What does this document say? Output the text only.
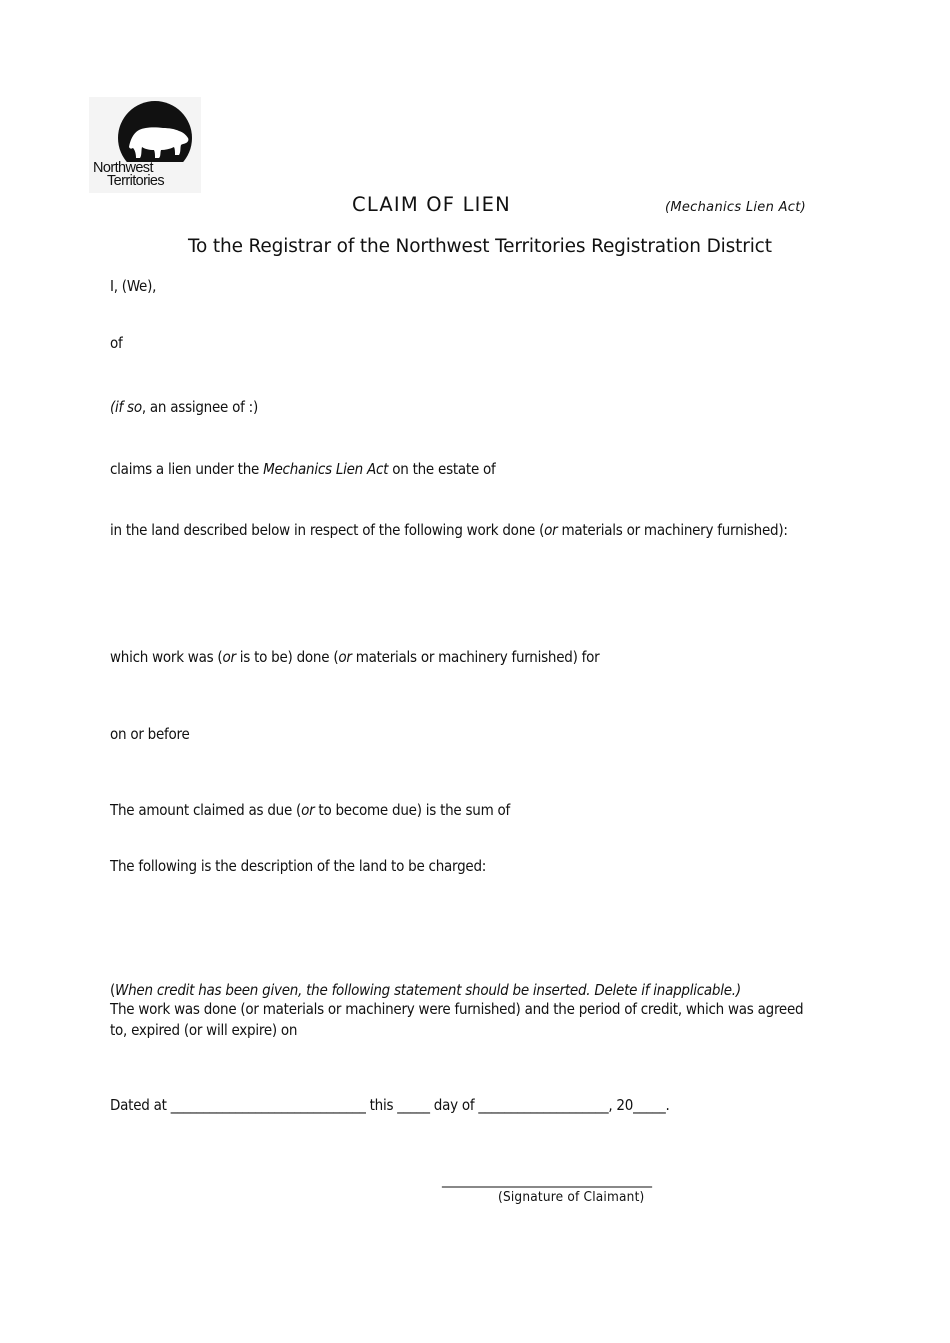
Northwest
Territories
CLAIM OF LIEN	(Mechanics Lien Act)
To the Registrar of the Northwest Territories Registration District
I, (We),
of
(if so, an assignee of :)
claims a lien under the Mechanics Lien Act on the estate of
in the land described below in respect of the following work done (or materials or machinery furnished):
which work was (or is to be) done (or materials or machinery furnished) for
on or before
The amount claimed as due (or to become due) is the sum of
The following is the description of the land to be charged:
(When credit has been given, the following statement should be inserted. Delete if inapplicable.)
The work was done (or materials or machinery were furnished) and the period of credit, which was agreed
to, expired (or will expire) on
Dated at ______________________________ this _____ day of ____________________, 20_____.
______________________________
(Signature of Claimant)
